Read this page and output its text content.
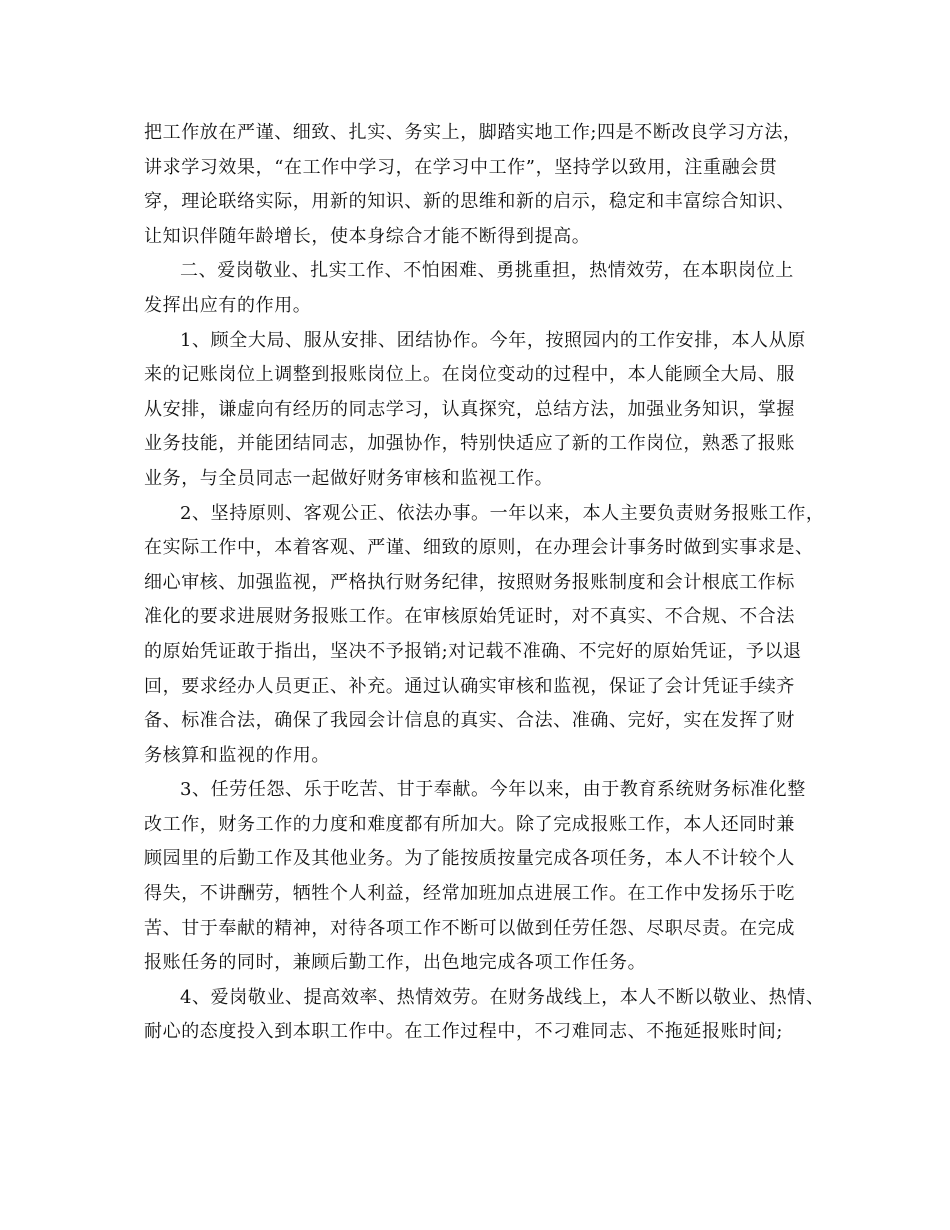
把工作放在严谨、细致、扎实、务实上，脚踏实地工作;四是不断改良学习方法，
讲求学习效果，“在工作中学习，在学习中工作”，坚持学以致用，注重融会贯
穿，理论联络实际，用新的知识、新的思维和新的启示，稳定和丰富综合知识、
让知识伴随年龄增长，使本身综合才能不断得到提高。
二、爱岗敬业、扎实工作、不怕困难、勇挑重担，热情效劳，在本职岗位上
发挥出应有的作用。
1、顾全大局、服从安排、团结协作。今年，按照园内的工作安排，本人从原
来的记账岗位上调整到报账岗位上。在岗位变动的过程中，本人能顾全大局、服
从安排，谦虚向有经历的同志学习，认真探究，总结方法，加强业务知识，掌握
业务技能，并能团结同志，加强协作，特别快适应了新的工作岗位，熟悉了报账
业务，与全员同志一起做好财务审核和监视工作。
2、坚持原则、客观公正、依法办事。一年以来，本人主要负责财务报账工作，
在实际工作中，本着客观、严谨、细致的原则，在办理会计事务时做到实事求是、
细心审核、加强监视，严格执行财务纪律，按照财务报账制度和会计根底工作标
准化的要求进展财务报账工作。在审核原始凭证时，对不真实、不合规、不合法
的原始凭证敢于指出，坚决不予报销;对记载不准确、不完好的原始凭证，予以退
回，要求经办人员更正、补充。通过认确实审核和监视，保证了会计凭证手续齐
备、标准合法，确保了我园会计信息的真实、合法、准确、完好，实在发挥了财
务核算和监视的作用。
3、任劳任怨、乐于吃苦、甘于奉献。今年以来，由于教育系统财务标准化整
改工作，财务工作的力度和难度都有所加大。除了完成报账工作，本人还同时兼
顾园里的后勤工作及其他业务。为了能按质按量完成各项任务，本人不计较个人
得失，不讲酬劳，牺牲个人利益，经常加班加点进展工作。在工作中发扬乐于吃
苦、甘于奉献的精神，对待各项工作不断可以做到任劳任怨、尽职尽责。在完成
报账任务的同时，兼顾后勤工作，出色地完成各项工作任务。
4、爱岗敬业、提高效率、热情效劳。在财务战线上，本人不断以敬业、热情、
耐心的态度投入到本职工作中。在工作过程中，不刁难同志、不拖延报账时间;
